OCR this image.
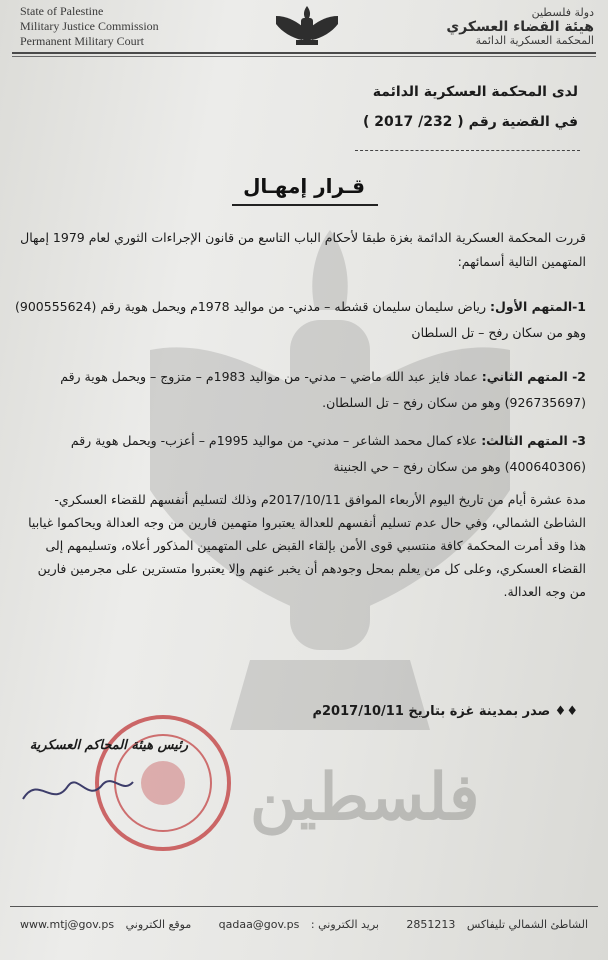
فلسطين
State of Palestine
Military Justice Commission
Permanent Military Court
دولة فلسطين
هيئة القضاء العسكري
المحكمة العسكرية الدائمة
لدى المحكمة العسكرية الدائمة
في القضية رقم ( 232/ 2017 )
قـرار إمهـال
قررت المحكمة العسكرية الدائمة بغزة طبقا لأحكام الباب التاسع من قانون الإجراءات الثوري لعام 1979 إمهال المتهمين التالية أسمائهم:
1-المتهم الأول: رياض سليمان سليمان قشطه – مدني- من مواليد 1978م ويحمل هوية رقم (900555624) وهو من سكان رفح – تل السلطان
2- المتهم الثاني: عماد فايز عبد الله ماضي – مدني- من مواليد 1983م – متزوج – ويحمل هوية رقم (926735697) وهو من سكان رفح – تل السلطان.
3- المتهم الثالث: علاء كمال محمد الشاعر – مدني- من مواليد 1995م – أعزب- ويحمل هوية رقم (400640306) وهو من سكان رفح – حي الجنينة
مدة عشرة أيام من تاريخ اليوم الأربعاء الموافق 2017/10/11م وذلك لتسليم أنفسهم للقضاء العسكري- الشاطئ الشمالي، وفي حال عدم تسليم أنفسهم للعدالة يعتبروا متهمين فارين من وجه العدالة ويحاكموا غيابيا هذا وقد أمرت المحكمة كافة منتسبي قوى الأمن بإلقاء القبض على المتهمين المذكور أعلاه، وتسليمهم إلى القضاء العسكري، وعلى كل من يعلم بمحل وجودهم أن يخبر عنهم وإلا يعتبروا متسترين على مجرمين فارين من وجه العدالة.
♦♦ صدر بمدينة غزة بتاريخ 2017/10/11م
رئيس هيئة المحاكم العسكرية
الشاطئ الشمالي تليفاكس 2851213
بريد الكتروني : qadaa@gov.ps
موقع الكتروني www.mtj@gov.ps
